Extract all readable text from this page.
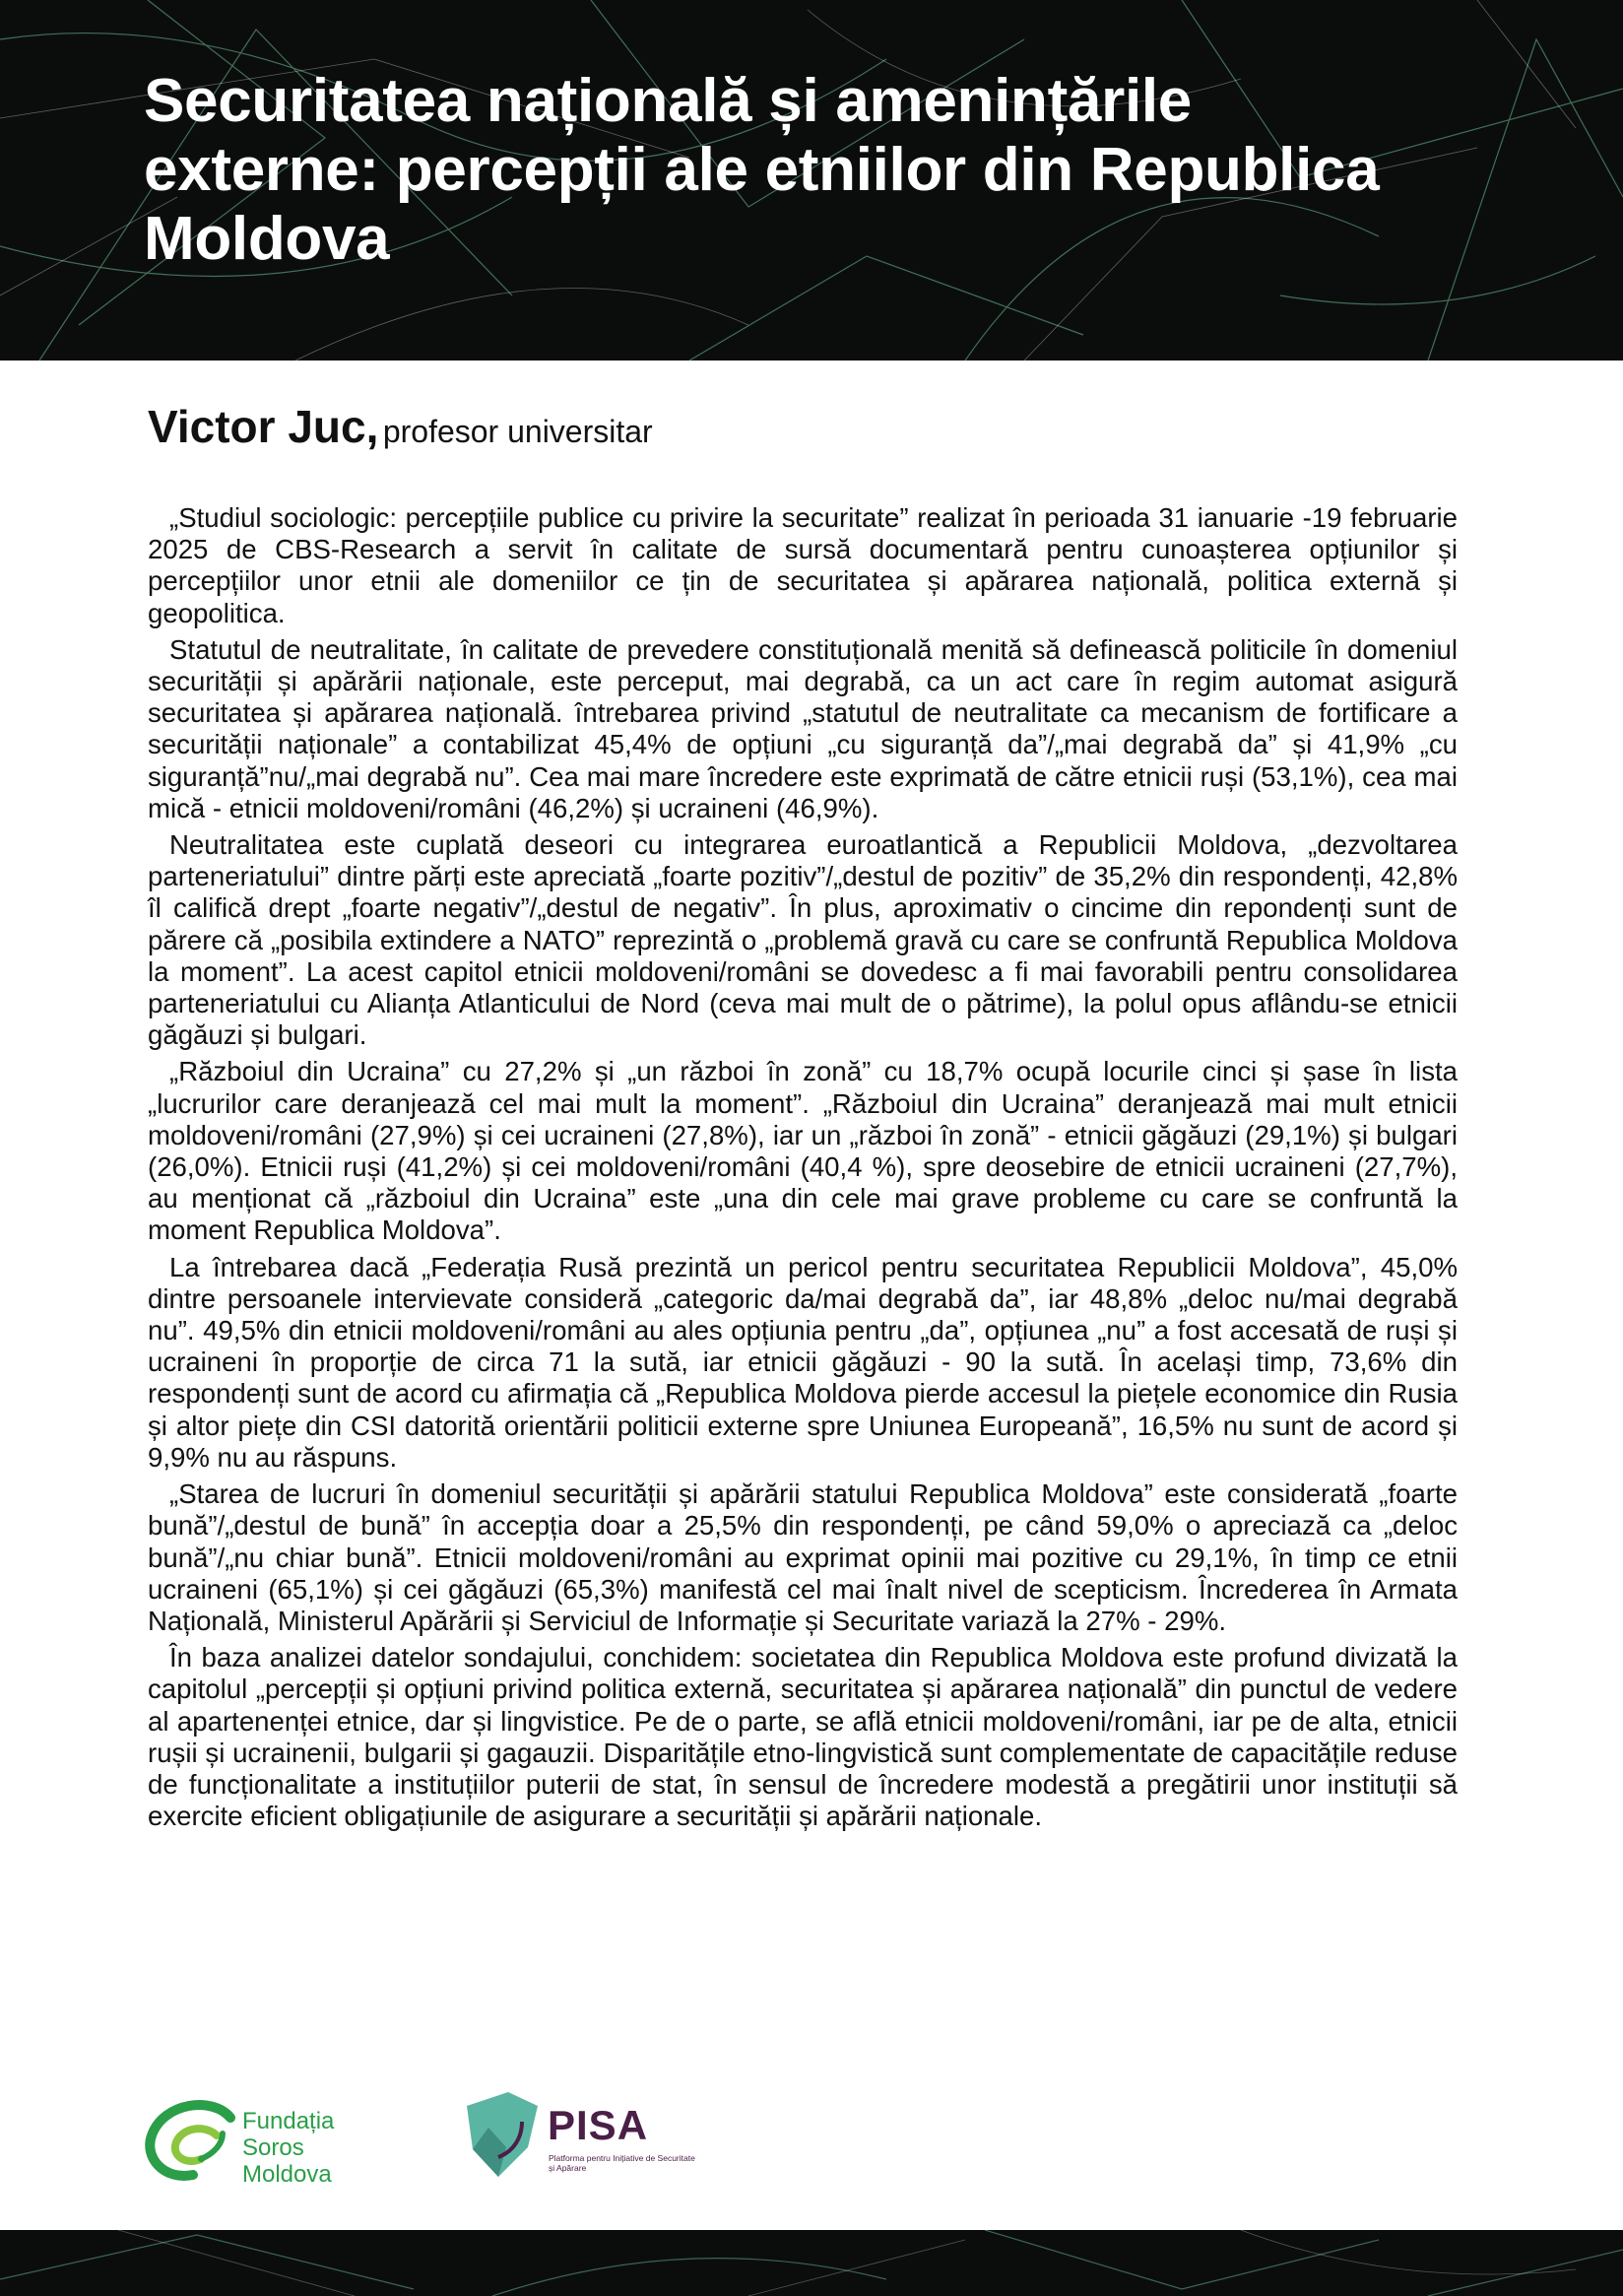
Securitatea națională și amenințările externe: percepții ale etniilor din Republica Moldova
Victor Juc, profesor universitar

„Studiul sociologic: percepțiile publice cu privire la securitate” realizat în perioada 31 ianuarie -19 februarie 2025 de CBS-Research a servit în calitate de sursă documentară pentru cunoașterea opțiunilor și percepțiilor unor etnii ale domeniilor ce țin de securitatea și apărarea națională, politica externă și geopolitica.

Statutul de neutralitate, în calitate de prevedere constituțională menită să definească politicile în domeniul securității și apărării naționale, este perceput, mai degrabă, ca un act care în regim automat asigură securitatea și apărarea națională. întrebarea privind „statutul de neutralitate ca mecanism de fortificare a securității naționale” a contabilizat 45,4% de opțiuni „cu siguranță da”/„mai degrabă da” și 41,9% „cu siguranță”nu/„mai degrabă nu”. Cea mai mare încredere este exprimată de către etnicii ruși (53,1%), cea mai mică - etnicii moldoveni/români (46,2%) și ucraineni (46,9%).

Neutralitatea este cuplată deseori cu integrarea euroatlantică a Republicii Moldova, „dezvoltarea parteneriatului” dintre părți este apreciată „foarte pozitiv”/„destul de pozitiv” de 35,2% din respondenți, 42,8% îl califică drept „foarte negativ”/„destul de negativ”. În plus, aproximativ o cincime din repondenți sunt de părere că „posibila extindere a NATO” reprezintă o „problemă gravă cu care se confruntă Republica Moldova la moment”. La acest capitol etnicii moldoveni/români se dovedesc a fi mai favorabili pentru consolidarea parteneriatului cu Alianța Atlanticului de Nord (ceva mai mult de o pătrime), la polul opus aflându-se etnicii găgăuzi și bulgari.

„Războiul din Ucraina” cu 27,2% și „un război în zonă” cu 18,7% ocupă locurile cinci și șase în lista „lucrurilor care deranjează cel mai mult la moment”. „Războiul din Ucraina” deranjează mai mult etnicii moldoveni/români (27,9%) și cei ucraineni (27,8%), iar un „război în zonă” - etnicii găgăuzi (29,1%) și bulgari (26,0%). Etnicii ruși (41,2%) și cei moldoveni/români (40,4 %), spre deosebire de etnicii ucraineni (27,7%), au menționat că „războiul din Ucraina” este „una din cele mai grave probleme cu care se confruntă la moment Republica Moldova”.

La întrebarea dacă „Federația Rusă prezintă un pericol pentru securitatea Republicii Moldova”, 45,0% dintre persoanele intervievate consideră „categoric da/mai degrabă da”, iar 48,8% „deloc nu/mai degrabă nu”. 49,5% din etnicii moldoveni/români au ales opțiunia pentru „da”, opțiunea „nu” a fost accesată de ruși și ucraineni în proporție de circa 71 la sută, iar etnicii găgăuzi - 90 la sută. În același timp, 73,6% din respondenți sunt de acord cu afirmația că „Republica Moldova pierde accesul la piețele economice din Rusia și altor piețe din CSI datorită orientării politicii externe spre Uniunea Europeană”, 16,5% nu sunt de acord și 9,9% nu au răspuns.

„Starea de lucruri în domeniul securității și apărării statului Republica Moldova” este considerată „foarte bună”/„destul de bună” în accepția doar a 25,5% din respondenți, pe când 59,0% o apreciază ca „deloc bună”/„nu chiar bună”. Etnicii moldoveni/români au exprimat opinii mai pozitive cu 29,1%, în timp ce etnii ucraineni (65,1%) și cei găgăuzi (65,3%) manifestă cel mai înalt nivel de scepticism. Încrederea în Armata Națională, Ministerul Apărării și Serviciul de Informație și Securitate variază la 27% - 29%.

În baza analizei datelor sondajului, conchidem: societatea din Republica Moldova este profund divizată la capitolul „percepții și opțiuni privind politica externă, securitatea și apărarea națională” din punctul de vedere al apartenenței etnice, dar și lingvistice. Pe de o parte, se află etnicii moldoveni/români, iar pe de alta, etnicii rușii și ucrainenii, bulgarii și gagauzii. Disparitățile etno-lingvistică sunt complementate de capacitățile reduse de funcționalitate a instituțiilor puterii de stat, în sensul de încredere modestă a pregătirii unor instituții să exercite eficient obligațiunile de asigurare a securității și apărării naționale.

Fundația
Soros
Moldova
PISA
Platforma pentru Inițiative de Securitate și Apărare
